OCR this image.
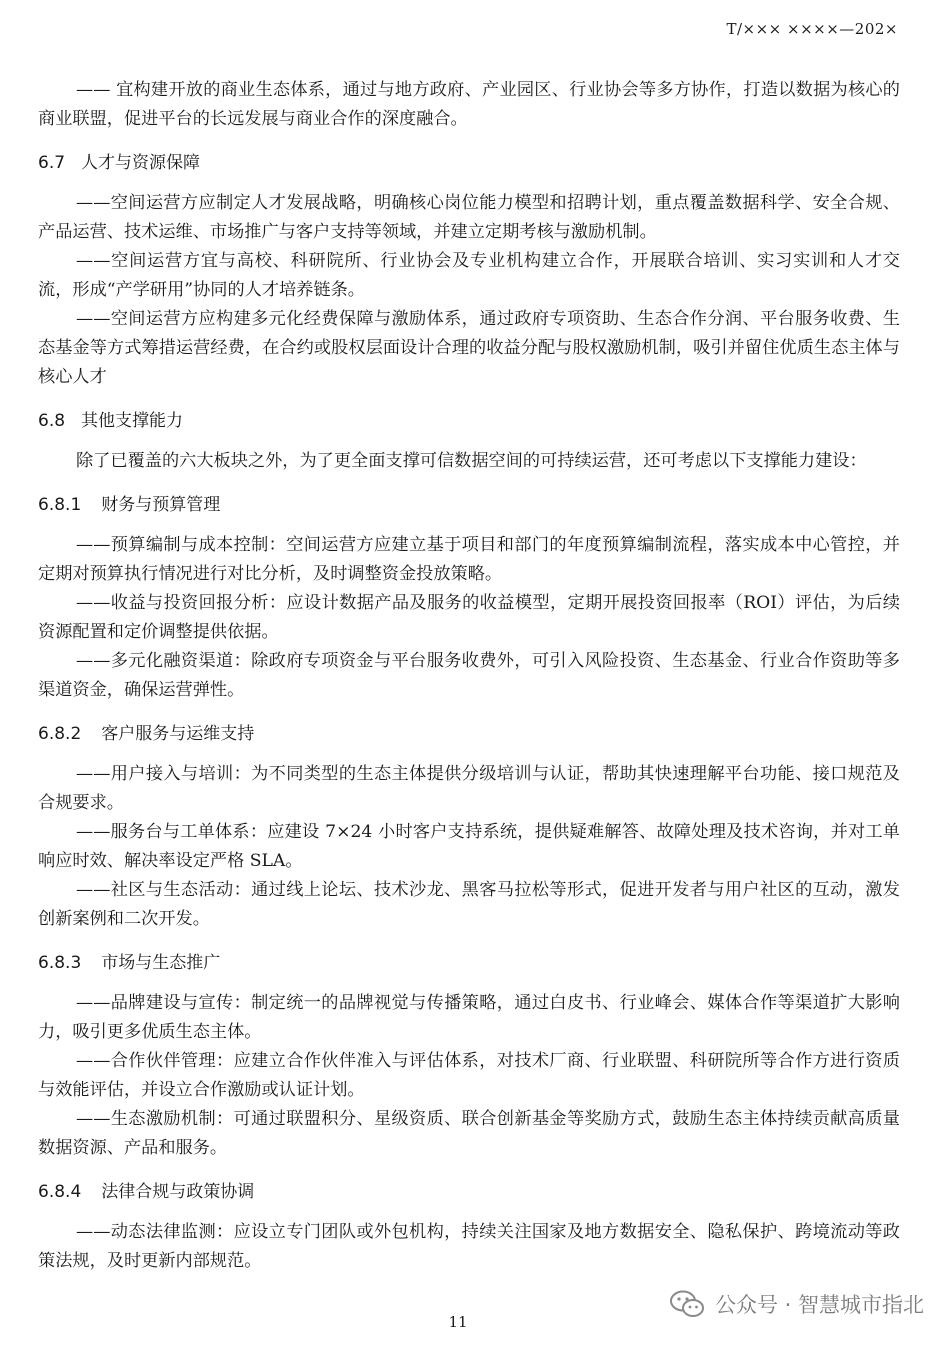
T/××× ××××—202×

—— 宜构建开放的商业生态体系，通过与地方政府、产业园区、行业协会等多方协作，打造以数据为核心的商业联盟，促进平台的长远发展与商业合作的深度融合。

6.7 人才与资源保障

——空间运营方应制定人才发展战略，明确核心岗位能力模型和招聘计划，重点覆盖数据科学、安全合规、产品运营、技术运维、市场推广与客户支持等领域，并建立定期考核与激励机制。

——空间运营方宜与高校、科研院所、行业协会及专业机构建立合作，开展联合培训、实习实训和人才交流，形成“产学研用”协同的人才培养链条。

——空间运营方应构建多元化经费保障与激励体系，通过政府专项资助、生态合作分润、平台服务收费、生态基金等方式筹措运营经费，在合约或股权层面设计合理的收益分配与股权激励机制，吸引并留住优质生态主体与核心人才

6.8 其他支撑能力

除了已覆盖的六大板块之外，为了更全面支撑可信数据空间的可持续运营，还可考虑以下支撑能力建设：

6.8.1 财务与预算管理

——预算编制与成本控制：空间运营方应建立基于项目和部门的年度预算编制流程，落实成本中心管控，并定期对预算执行情况进行对比分析，及时调整资金投放策略。

——收益与投资回报分析：应设计数据产品及服务的收益模型，定期开展投资回报率（ROI）评估，为后续资源配置和定价调整提供依据。

——多元化融资渠道：除政府专项资金与平台服务收费外，可引入风险投资、生态基金、行业合作资助等多渠道资金，确保运营弹性。

6.8.2 客户服务与运维支持

——用户接入与培训：为不同类型的生态主体提供分级培训与认证，帮助其快速理解平台功能、接口规范及合规要求。

——服务台与工单体系：应建设 7×24 小时客户支持系统，提供疑难解答、故障处理及技术咨询，并对工单响应时效、解决率设定严格 SLA。

——社区与生态活动：通过线上论坛、技术沙龙、黑客马拉松等形式，促进开发者与用户社区的互动，激发创新案例和二次开发。

6.8.3 市场与生态推广

——品牌建设与宣传：制定统一的品牌视觉与传播策略，通过白皮书、行业峰会、媒体合作等渠道扩大影响力，吸引更多优质生态主体。

——合作伙伴管理：应建立合作伙伴准入与评估体系，对技术厂商、行业联盟、科研院所等合作方进行资质与效能评估，并设立合作激励或认证计划。

——生态激励机制：可通过联盟积分、星级资质、联合创新基金等奖励方式，鼓励生态主体持续贡献高质量数据资源、产品和服务。

6.8.4 法律合规与政策协调

——动态法律监测：应设立专门团队或外包机构，持续关注国家及地方数据安全、隐私保护、跨境流动等政策法规，及时更新内部规范。

11
公众号 · 智慧城市指北
